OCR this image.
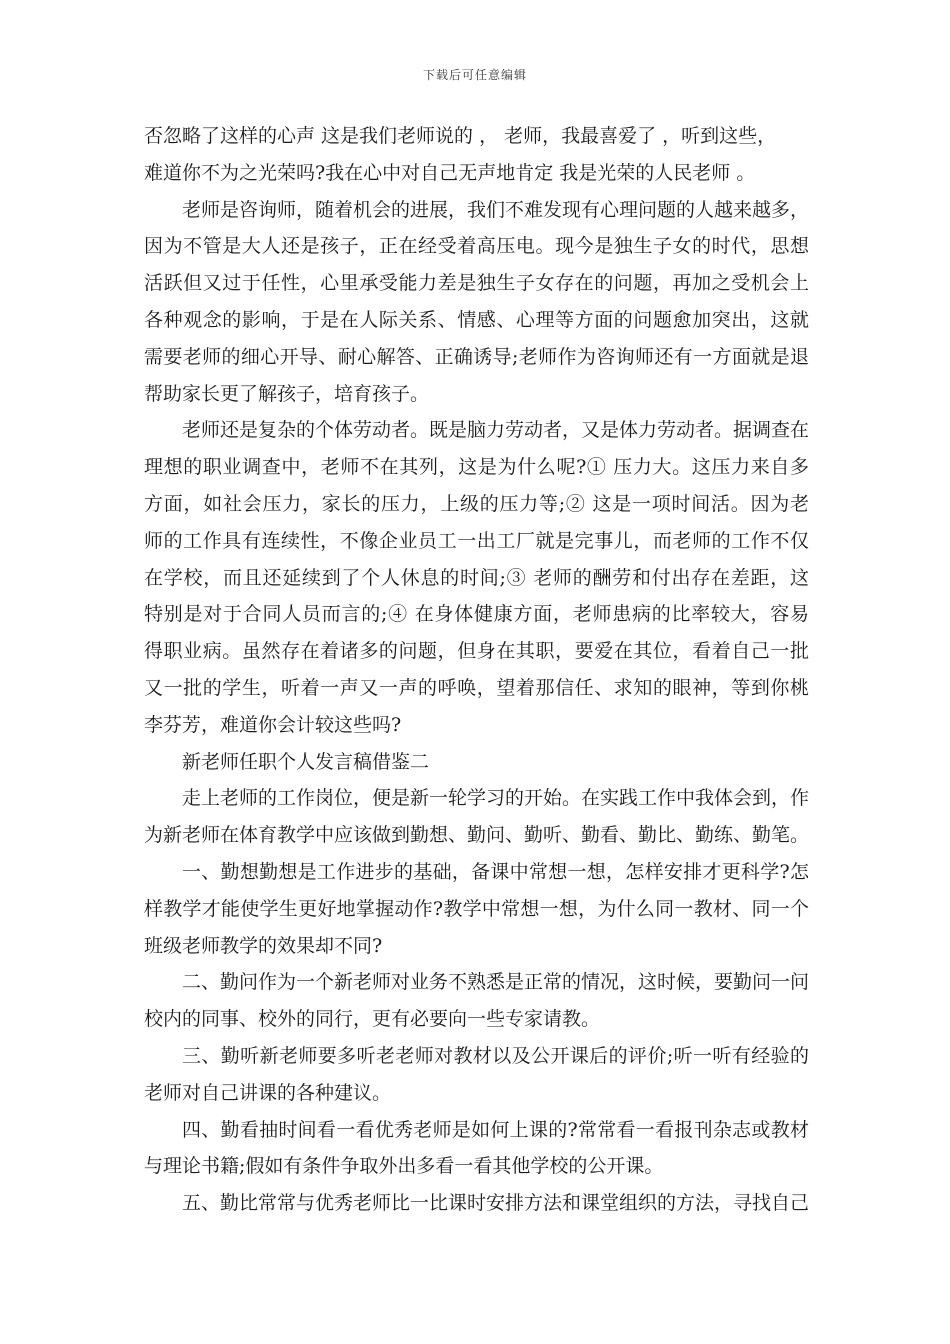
下载后可任意编辑
否忽略了这样的心声 这是我们老师说的 ， 老师，我最喜爱了 ，听到这些，
难道你不为之光荣吗?我在心中对自己无声地肯定 我是光荣的人民老师 。
老师是咨询师，随着机会的进展，我们不难发现有心理问题的人越来越多，
因为不管是大人还是孩子，正在经受着高压电。现今是独生子女的时代，思想
活跃但又过于任性，心里承受能力差是独生子女存在的问题，再加之受机会上
各种观念的影响，于是在人际关系、情感、心理等方面的问题愈加突出，这就
需要老师的细心开导、耐心解答、正确诱导;老师作为咨询师还有一方面就是退
帮助家长更了解孩子，培育孩子。
老师还是复杂的个体劳动者。既是脑力劳动者，又是体力劳动者。据调查在
理想的职业调查中，老师不在其列，这是为什么呢?① 压力大。这压力来自多
方面，如社会压力，家长的压力，上级的压力等;② 这是一项时间活。因为老
师的工作具有连续性，不像企业员工一出工厂就是完事儿，而老师的工作不仅
在学校，而且还延续到了个人休息的时间;③ 老师的酬劳和付出存在差距，这
特别是对于合同人员而言的;④ 在身体健康方面，老师患病的比率较大，容易
得职业病。虽然存在着诸多的问题，但身在其职，要爱在其位，看着自己一批
又一批的学生，听着一声又一声的呼唤，望着那信任、求知的眼神，等到你桃
李芬芳，难道你会计较这些吗?
新老师任职个人发言稿借鉴二
走上老师的工作岗位，便是新一轮学习的开始。在实践工作中我体会到，作
为新老师在体育教学中应该做到勤想、勤问、勤听、勤看、勤比、勤练、勤笔。
一、勤想勤想是工作进步的基础，备课中常想一想，怎样安排才更科学?怎
样教学才能使学生更好地掌握动作?教学中常想一想，为什么同一教材、同一个
班级老师教学的效果却不同?
二、勤问作为一个新老师对业务不熟悉是正常的情况，这时候，要勤问一问
校内的同事、校外的同行，更有必要向一些专家请教。
三、勤听新老师要多听老老师对教材以及公开课后的评价;听一听有经验的
老师对自己讲课的各种建议。
四、勤看抽时间看一看优秀老师是如何上课的?常常看一看报刊杂志或教材
与理论书籍;假如有条件争取外出多看一看其他学校的公开课。
五、勤比常常与优秀老师比一比课时安排方法和课堂组织的方法，寻找自己
